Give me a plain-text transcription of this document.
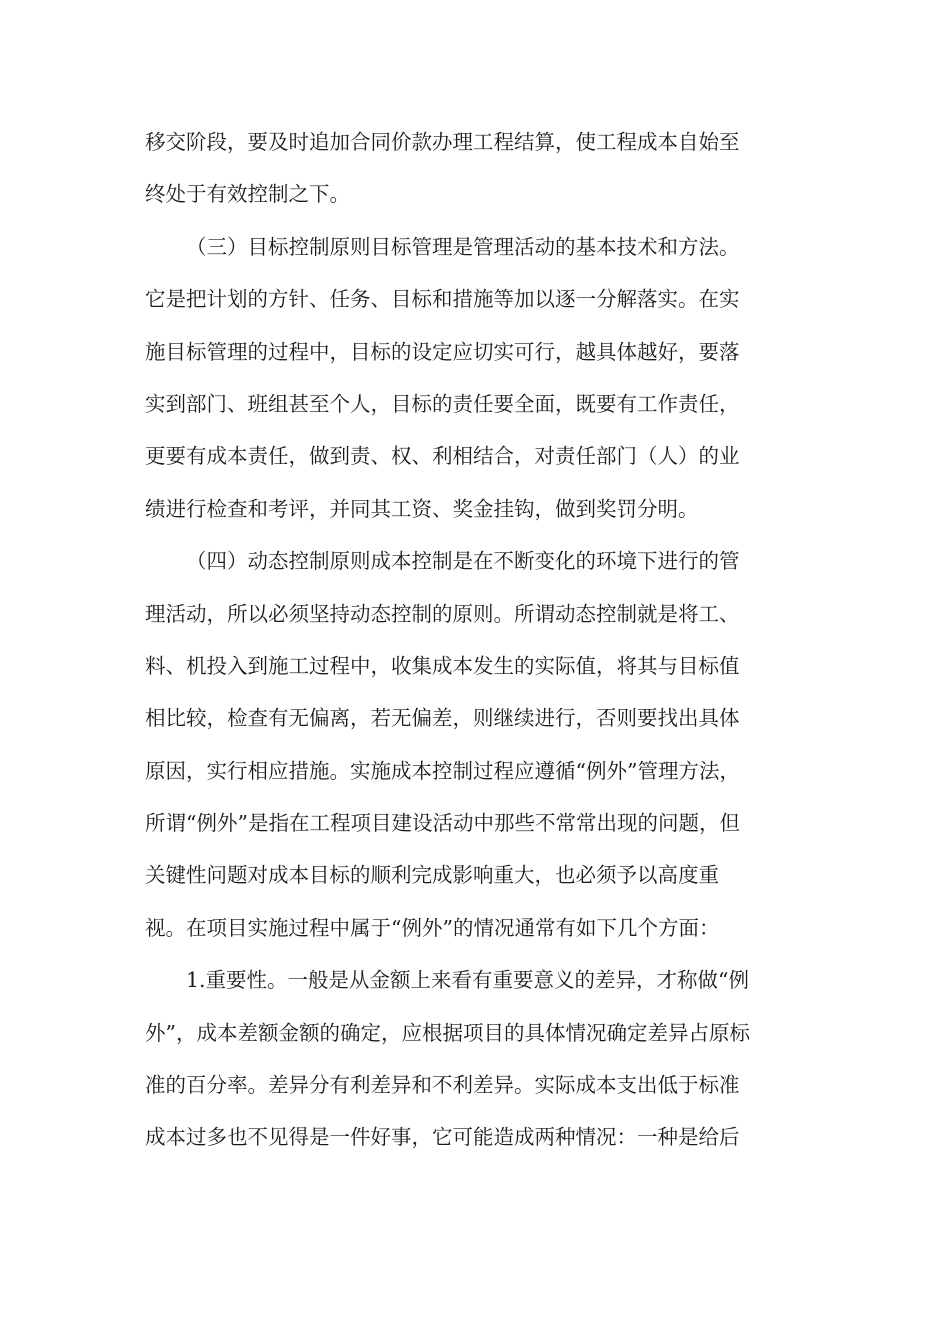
移交阶段，要及时追加合同价款办理工程结算，使工程成本自始至
终处于有效控制之下。
（三）目标控制原则目标管理是管理活动的基本技术和方法。
它是把计划的方针、任务、目标和措施等加以逐一分解落实。在实
施目标管理的过程中，目标的设定应切实可行，越具体越好，要落
实到部门、班组甚至个人，目标的责任要全面，既要有工作责任，
更要有成本责任，做到责、权、利相结合，对责任部门（人）的业
绩进行检查和考评，并同其工资、奖金挂钩，做到奖罚分明。
（四）动态控制原则成本控制是在不断变化的环境下进行的管
理活动，所以必须坚持动态控制的原则。所谓动态控制就是将工、
料、机投入到施工过程中，收集成本发生的实际值，将其与目标值
相比较，检查有无偏离，若无偏差，则继续进行，否则要找出具体
原因，实行相应措施。实施成本控制过程应遵循“例外”管理方法，
所谓“例外”是指在工程项目建设活动中那些不常常出现的问题，但
关键性问题对成本目标的顺利完成影响重大，也必须予以高度重
视。在项目实施过程中属于“例外”的情况通常有如下几个方面：
1.重要性。一般是从金额上来看有重要意义的差异，才称做“例
外”，成本差额金额的确定，应根据项目的具体情况确定差异占原标
准的百分率。差异分有利差异和不利差异。实际成本支出低于标准
成本过多也不见得是一件好事，它可能造成两种情况：一种是给后
